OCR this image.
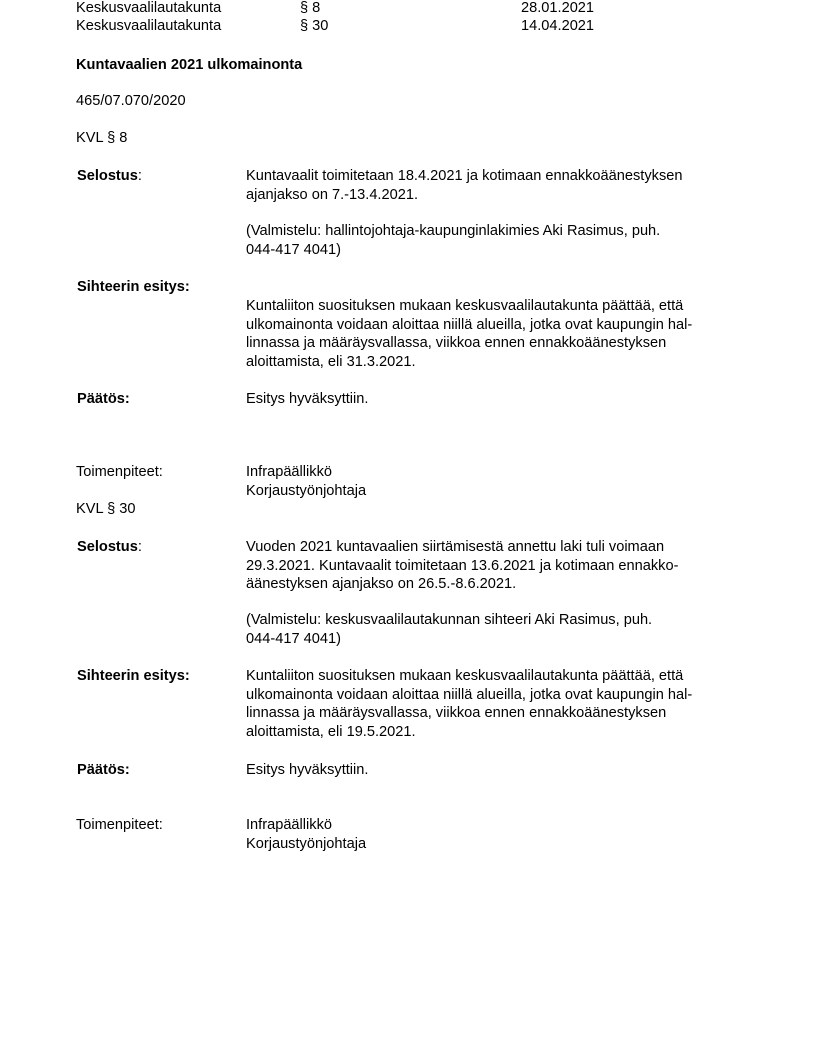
Keskusvaalilautakunta	§ 8	28.01.2021
Keskusvaalilautakunta	§ 30	14.04.2021
Kuntavaalien 2021 ulkomainonta
465/07.070/2020
KVL § 8
Selostus:	Kuntavaalit toimitetaan 18.4.2021 ja kotimaan ennakkoäänestyksen
ajanjakso on 7.-13.4.2021.
(Valmistelu: hallintojohtaja-kaupunginlakimies Aki Rasimus, puh.
044-417 4041)
Sihteerin esitys:
Kuntaliiton suosituksen mukaan keskusvaalilautakunta päättää, että
ulkomainonta voidaan aloittaa niillä alueilla, jotka ovat kaupungin hal-
linnassa ja määräysvallassa, viikkoa ennen ennakkoäänestyksen
aloittamista, eli 31.3.2021.
Päätös:	Esitys hyväksyttiin.
Toimenpiteet:	Infrapäällikkö
Korjaustyönjohtaja
KVL § 30
Selostus:	Vuoden 2021 kuntavaalien siirtämisestä annettu laki tuli voimaan
29.3.2021. Kuntavaalit toimitetaan 13.6.2021 ja kotimaan ennakko-
äänestyksen ajanjakso on 26.5.-8.6.2021.
(Valmistelu: keskusvaalilautakunnan sihteeri Aki Rasimus, puh.
044-417 4041)
Sihteerin esitys:	Kuntaliiton suosituksen mukaan keskusvaalilautakunta päättää, että
ulkomainonta voidaan aloittaa niillä alueilla, jotka ovat kaupungin hal-
linnassa ja määräysvallassa, viikkoa ennen ennakkoäänestyksen
aloittamista, eli 19.5.2021.
Päätös:	Esitys hyväksyttiin.
Toimenpiteet:	Infrapäällikkö
Korjaustyönjohtaja
